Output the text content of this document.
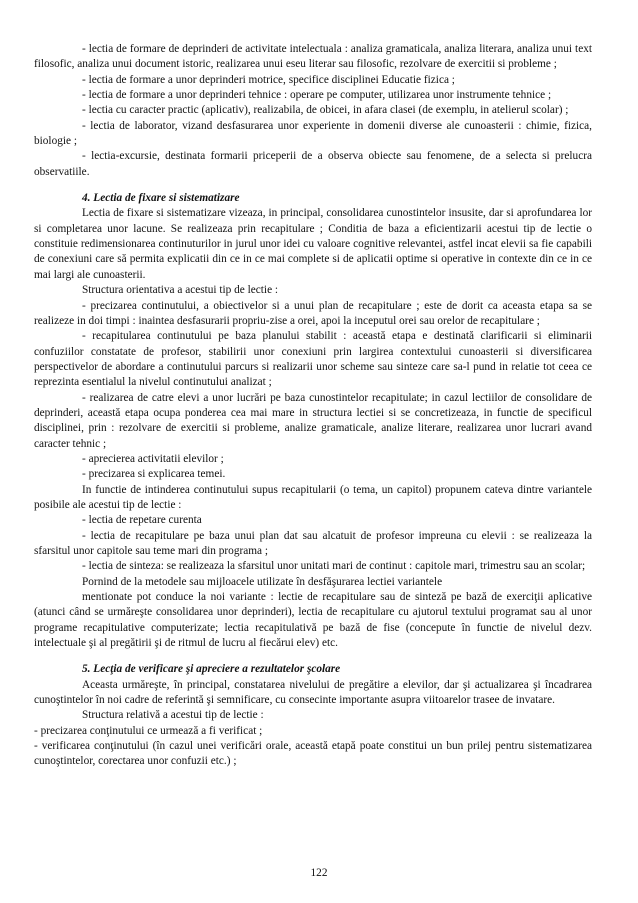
- lectia de formare de deprinderi de activitate intelectuala : analiza gramaticala, analiza literara, analiza unui text filosofic, analiza unui document istoric, realizarea unui eseu literar sau filosofic, rezolvare de exercitii si probleme ;

- lectia de formare a unor deprinderi motrice, specifice disciplinei Educatie fizica ;

- lectia de formare a unor deprinderi tehnice : operare pe computer, utilizarea unor instrumente tehnice ;

- lectia cu caracter practic (aplicativ), realizabila, de obicei, in afara clasei (de exemplu, in atelierul scolar) ;

- lectia de laborator, vizand desfasurarea unor experiente in domenii diverse ale cunoasterii : chimie, fizica, biologie ;

- lectia-excursie, destinata formarii priceperii de a observa obiecte sau fenomene, de a selecta si prelucra observatiile.

4. Lectia de fixare si sistematizare

Lectia de fixare si sistematizare vizeaza, in principal, consolidarea cunostintelor insusite, dar si aprofundarea lor si completarea unor lacune. Se realizeaza prin recapitulare ; Conditia de baza a eficientizarii acestui tip de lectie o constituie redimensionarea continuturilor in jurul unor idei cu valoare cognitive relevantei, astfel incat elevii sa fie capabili de conexiuni care să permita explicatii din ce in ce mai complete si de aplicatii optime si operative in contexte din ce in ce mai largi ale cunoasterii.

Structura orientativa a acestui tip de lectie :

- precizarea continutului, a obiectivelor si a unui plan de recapitulare ; este de dorit ca aceasta etapa sa se realizeze in doi timpi : inaintea desfasurarii propriu-zise a orei, apoi la inceputul orei sau orelor de recapitulare ;

- recapitularea continutului pe baza planului stabilit : această etapa e destinată clarificarii si eliminarii confuziilor constatate de profesor, stabilirii unor conexiuni prin largirea contextului cunoasterii si diversificarea perspectivelor de abordare a continutului parcurs si realizarii unor scheme sau sinteze care sa-l pund in relatie tot ceea ce reprezinta esentialul la nivelul continutului analizat ;

- realizarea de catre elevi a unor lucrări pe baza cunostintelor recapitulate; in cazul lectiilor de consolidare de deprinderi, această etapa ocupa ponderea cea mai mare in structura lectiei si se concretizeaza, in functie de specificul disciplinei, prin : rezolvare de exercitii si probleme, analize gramaticale, analize literare, realizarea unor lucrari avand caracter tehnic ;

- aprecierea activitatii elevilor ;

- precizarea si explicarea temei.

In functie de intinderea continutului supus recapitularii (o tema, un capitol) propunem cateva dintre variantele posibile ale acestui tip de lectie :

- lectia de repetare curenta

- lectia de recapitulare pe baza unui plan dat sau alcatuit de profesor impreuna cu elevii : se realizeaza la sfarsitul unor capitole sau teme mari din programa ;

- lectia de sinteza: se realizeaza la sfarsitul unor unitati mari de continut : capitole mari, trimestru sau an scolar;

Pornind de la metodele sau mijloacele utilizate în desfăşurarea lectiei variantele

mentionate pot conduce la noi variante : lectie de recapitulare sau de sinteză pe bază de exerciţii aplicative (atunci când se urmăreşte consolidarea unor deprinderi), lectia de recapitulare cu ajutorul textului programat sau al unor programe recapitulative computerizate; lectia recapitulativă pe bază de fise (concepute în functie de nivelul dezv. intelectuale şi al pregătirii şi de ritmul de lucru al fiecărui elev) etc.

5. Lecţia de verificare şi apreciere a rezultatelor şcolare

Aceasta urmăreşte, în principal, constatarea nivelului de pregătire a elevilor, dar şi actualizarea şi încadrarea cunoştintelor în noi cadre de referintă şi semnificare, cu consecinte importante asupra viitoarelor trasee de invatare.

Structura relativă a acestui tip de lectie :

- precizarea conţinutului ce urmează a fi verificat ;

- verificarea conţinutului (în cazul unei verificări orale, această etapă poate constitui un bun prilej pentru sistematizarea cunoştintelor, corectarea unor confuzii etc.) ;

122
